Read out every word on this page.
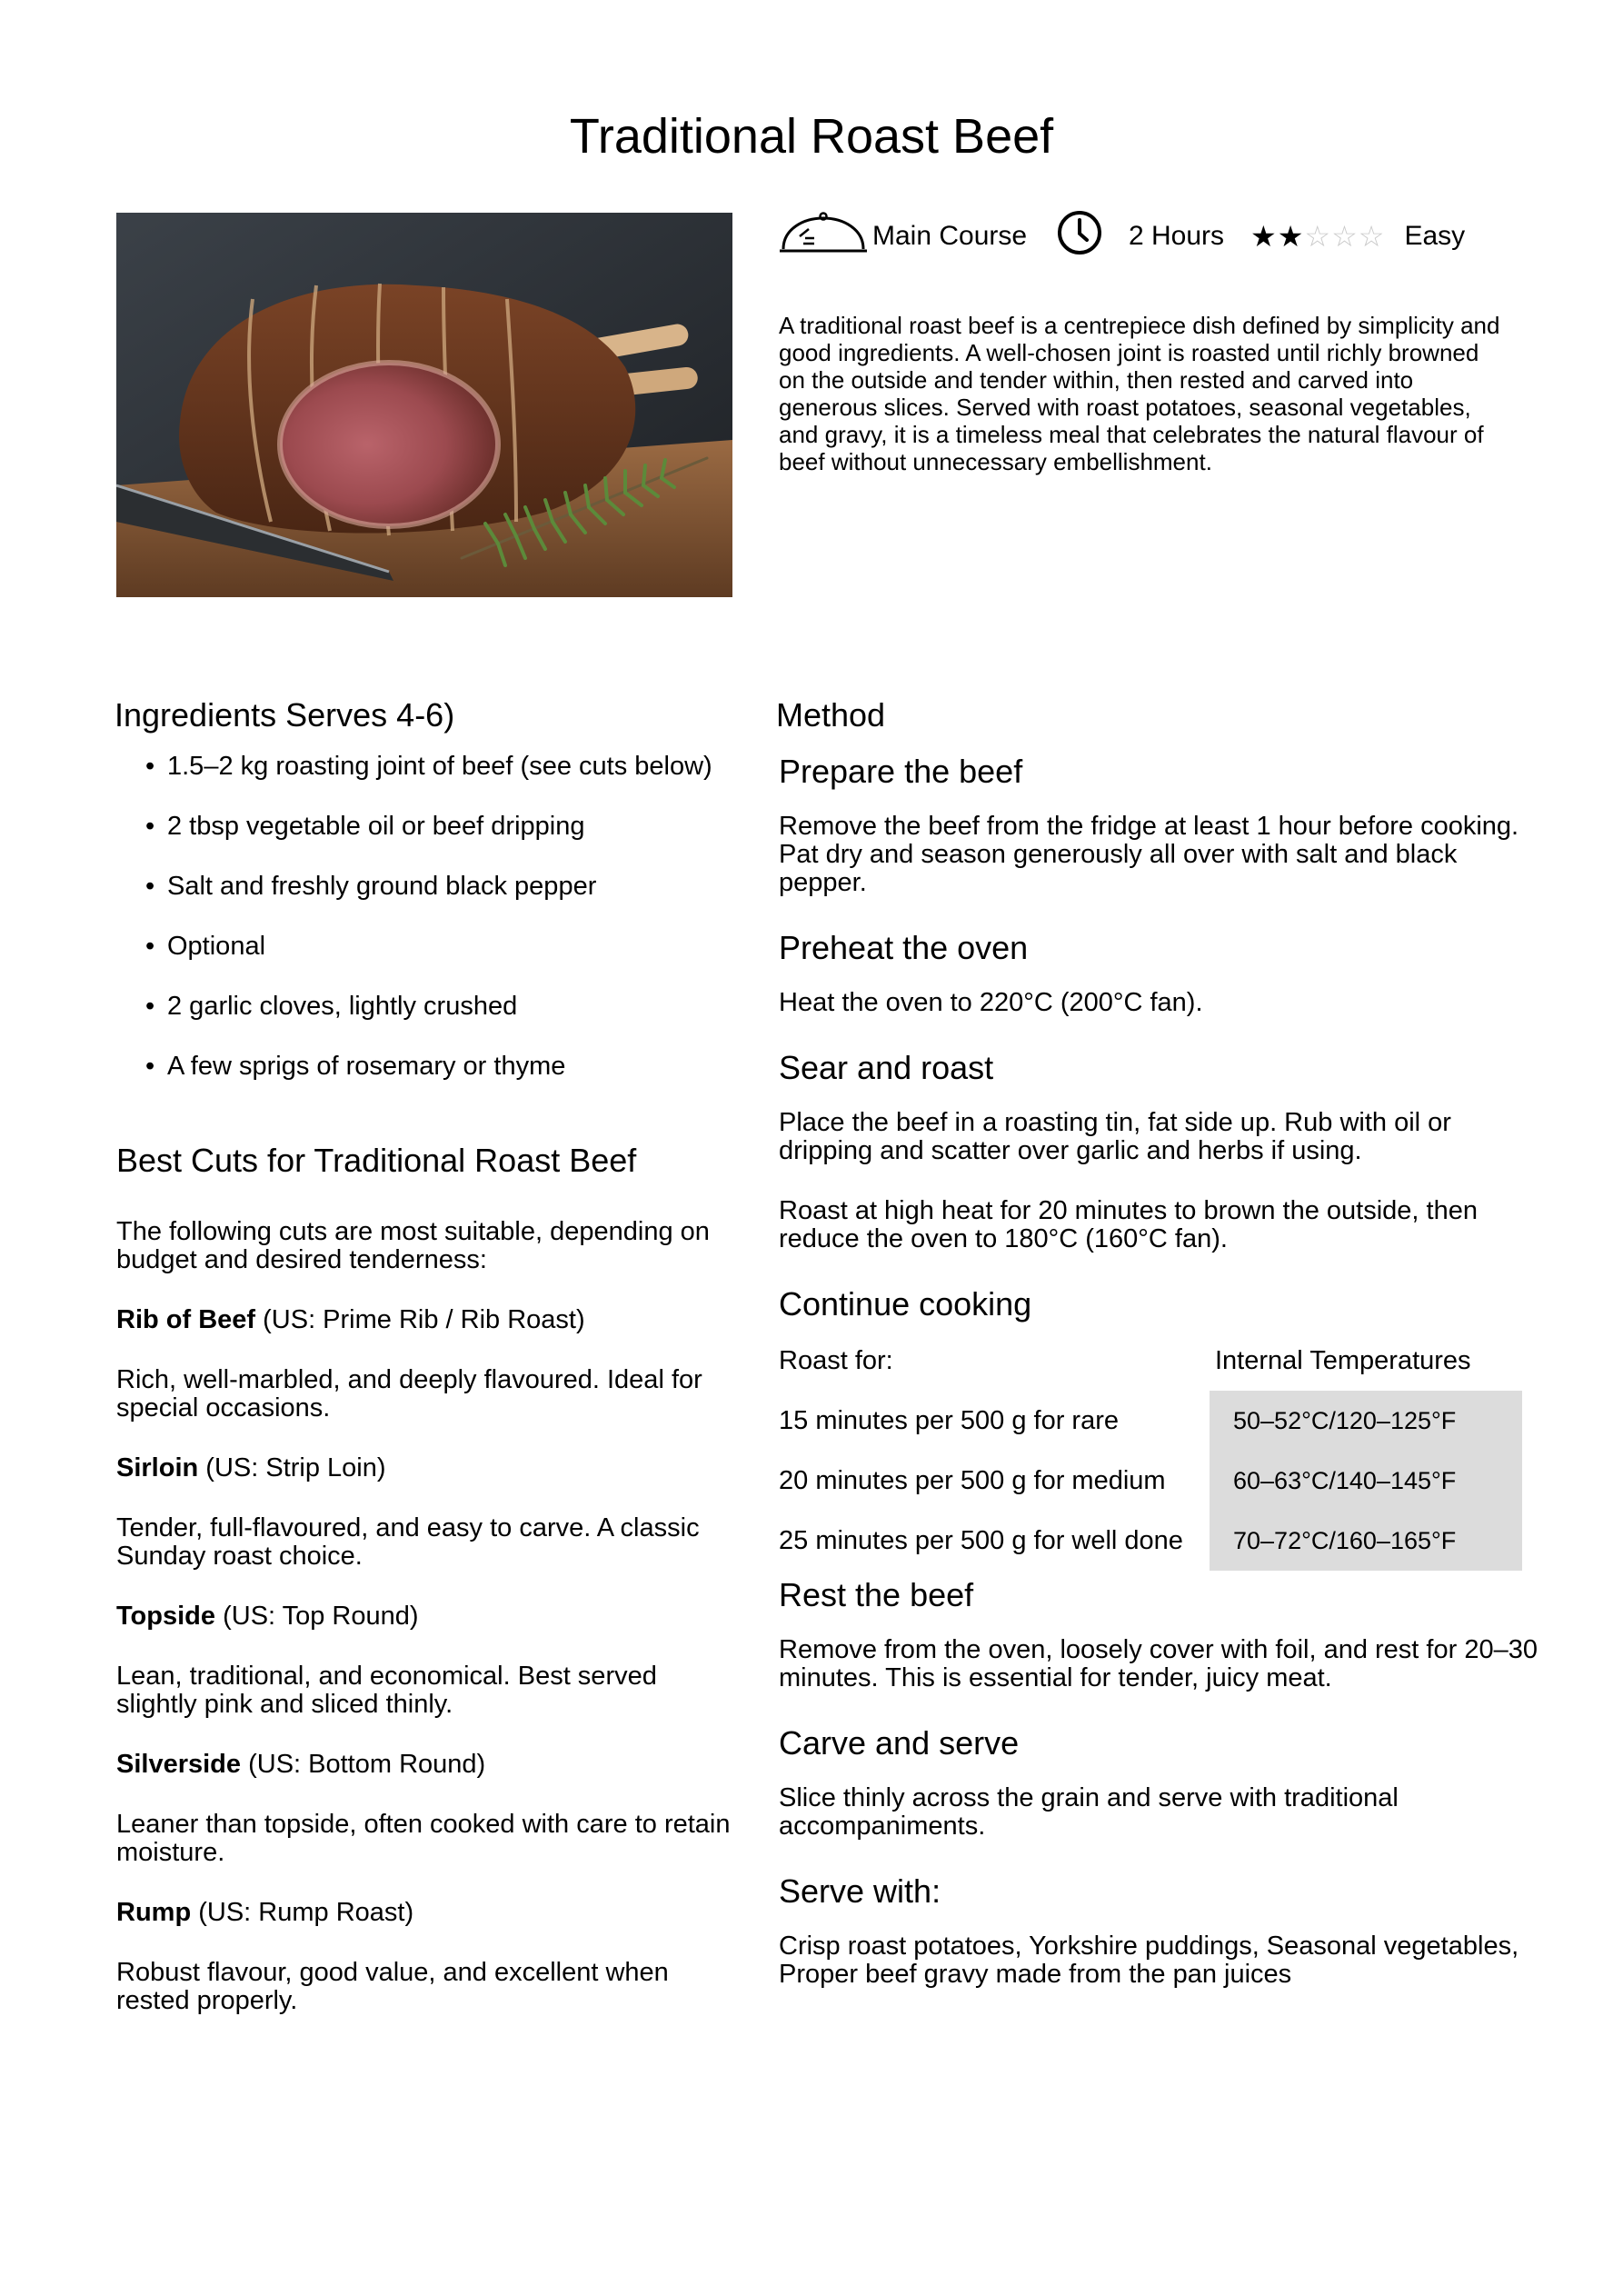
Traditional Roast Beef
Main Course	2 Hours ★ ★ ☆ ☆ ☆ Easy

A traditional roast beef is a centrepiece dish defined by simplicity and good ingredients. A well-chosen joint is roasted until richly browned on the outside and tender within, then rested and carved into generous slices. Served with roast potatoes, seasonal vegetables, and gravy, it is a timeless meal that celebrates the natural flavour of beef without unnecessary embellishment.

Ingredients Serves 4-6)
• 1.5–2 kg roasting joint of beef (see cuts below)
• 2 tbsp vegetable oil or beef dripping
• Salt and freshly ground black pepper
• Optional
• 2 garlic cloves, lightly crushed
• A few sprigs of rosemary or thyme
Best Cuts for Traditional Roast Beef
The following cuts are most suitable, depending on budget and desired tenderness:
Rib of Beef (US: Prime Rib / Rib Roast)
Rich, well-marbled, and deeply flavoured. Ideal for special occasions.
Sirloin (US: Strip Loin)
Tender, full-flavoured, and easy to carve. A classic Sunday roast choice.
Topside (US: Top Round)
Lean, traditional, and economical. Best served slightly pink and sliced thinly.
Silverside (US: Bottom Round)
Leaner than topside, often cooked with care to retain moisture.
Rump (US: Rump Roast)
Robust flavour, good value, and excellent when rested properly.
Method
Prepare the beef
Remove the beef from the fridge at least 1 hour before cooking. Pat dry and season generously all over with salt and black pepper.
Preheat the oven
Heat the oven to 220°C (200°C fan).
Sear and roast
Place the beef in a roasting tin, fat side up. Rub with oil or dripping and scatter over garlic and herbs if using.
Roast at high heat for 20 minutes to brown the outside, then reduce the oven to 180°C (160°C fan).
Continue cooking
Roast for:	Internal Temperatures
15 minutes per 500 g for rare	50–52°C/120–125°F
20 minutes per 500 g for medium	60–63°C/140–145°F
25 minutes per 500 g for well done	70–72°C/160–165°F
Rest the beef
Remove from the oven, loosely cover with foil, and rest for 20–30 minutes. This is essential for tender, juicy meat.
Carve and serve
Slice thinly across the grain and serve with traditional accompaniments.
Serve with:
Crisp roast potatoes, Yorkshire puddings, Seasonal vegetables, Proper beef gravy made from the pan juices
